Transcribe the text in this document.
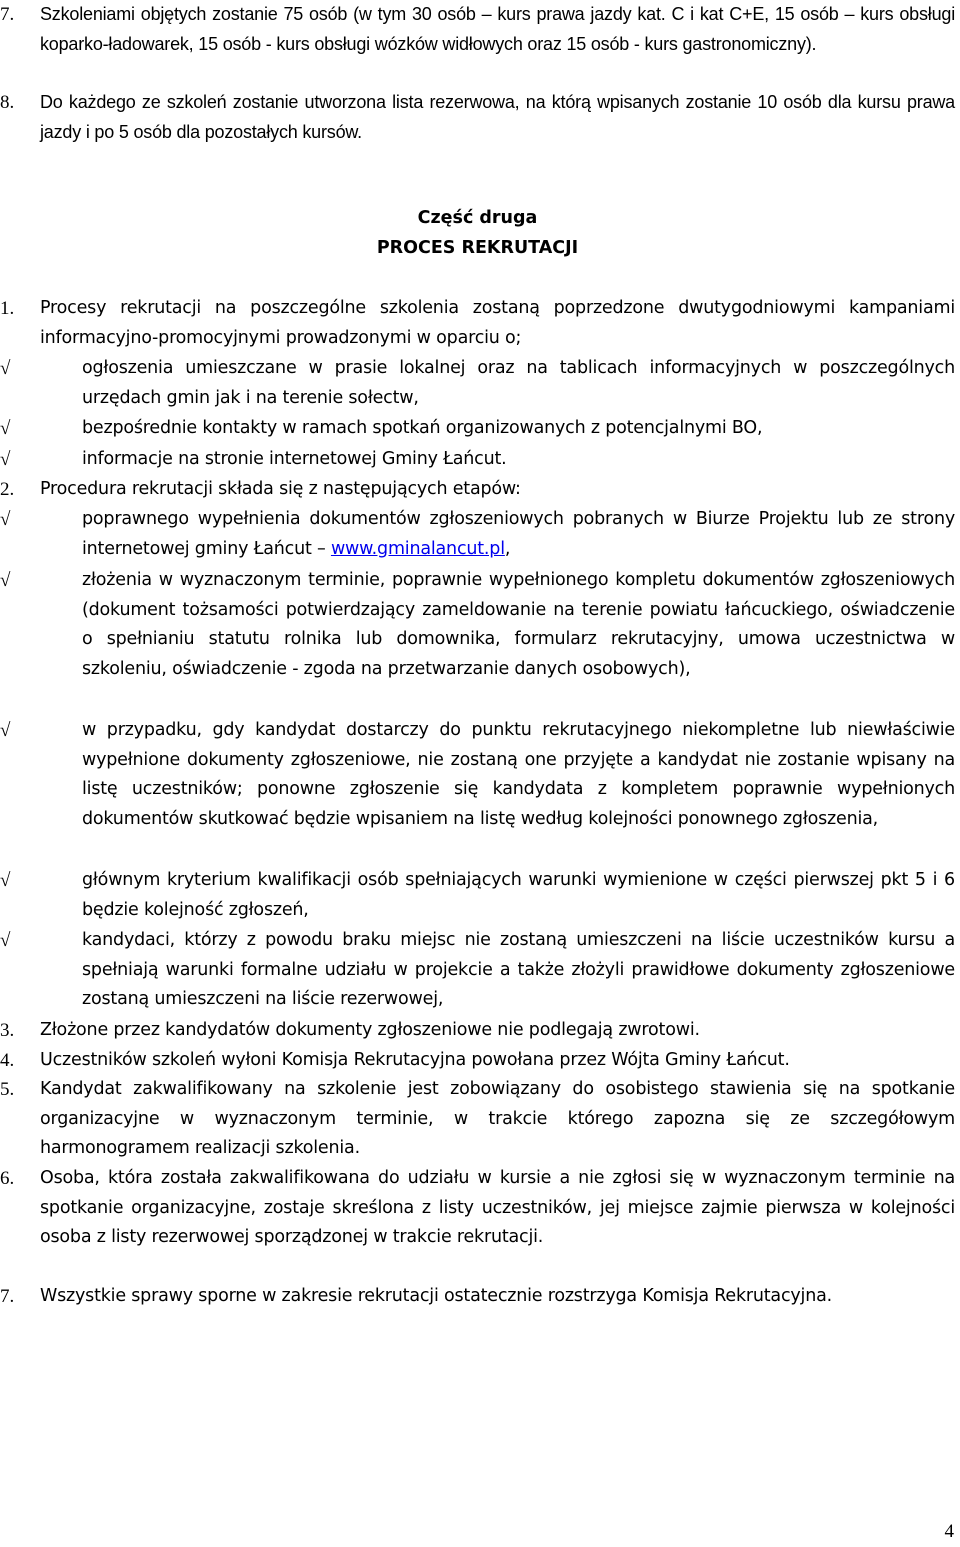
7. Szkoleniami objętych zostanie 75 osób (w tym 30 osób – kurs prawa jazdy kat. C i kat C+E, 15 osób – kurs obsługi koparko-ładowarek, 15 osób - kurs obsługi wózków widłowych oraz 15 osób - kurs gastronomiczny).
8. Do każdego ze szkoleń zostanie utworzona lista rezerwowa, na którą wpisanych zostanie 10 osób dla kursu prawa jazdy i po 5 osób dla pozostałych kursów.
Część druga
PROCES REKRUTACJI
1. Procesy rekrutacji na poszczególne szkolenia zostaną poprzedzone dwutygodniowymi kampaniami informacyjno-promocyjnymi prowadzonymi w oparciu o;
√	ogłoszenia umieszczane w prasie lokalnej oraz na tablicach informacyjnych w poszczególnych urzędach gmin jak i na terenie sołectw,
√	bezpośrednie kontakty w ramach spotkań organizowanych z potencjalnymi BO,
√	informacje na stronie internetowej Gminy Łańcut.
2. Procedura rekrutacji składa się z następujących etapów:
√	poprawnego wypełnienia dokumentów zgłoszeniowych pobranych w Biurze Projektu lub ze strony internetowej gminy Łańcut – www.gminalancut.pl,
√	złożenia w wyznaczonym terminie, poprawnie wypełnionego kompletu dokumentów zgłoszeniowych (dokument tożsamości potwierdzający zameldowanie na terenie powiatu łańcuckiego, oświadczenie o spełnianiu statutu rolnika lub domownika, formularz rekrutacyjny, umowa uczestnictwa w szkoleniu, oświadczenie - zgoda na przetwarzanie danych osobowych),
√	w przypadku, gdy kandydat dostarczy do punktu rekrutacyjnego niekompletne lub niewłaściwie wypełnione dokumenty zgłoszeniowe, nie zostaną one przyjęte a kandydat nie zostanie wpisany na listę uczestników; ponowne zgłoszenie się kandydata z kompletem poprawnie wypełnionych dokumentów skutkować będzie wpisaniem na listę według kolejności ponownego zgłoszenia,
√	głównym kryterium kwalifikacji osób spełniających warunki wymienione w części pierwszej pkt 5 i 6 będzie kolejność zgłoszeń,
√	kandydaci, którzy z powodu braku miejsc nie zostaną umieszczeni na liście uczestników kursu a spełniają warunki formalne udziału w projekcie a także złożyli prawidłowe dokumenty zgłoszeniowe zostaną umieszczeni na liście rezerwowej,
3. Złożone przez kandydatów dokumenty zgłoszeniowe nie podlegają zwrotowi.
4. Uczestników szkoleń wyłoni Komisja Rekrutacyjna powołana przez Wójta Gminy Łańcut.
5. Kandydat zakwalifikowany na szkolenie jest zobowiązany do osobistego stawienia się na spotkanie organizacyjne w wyznaczonym terminie, w trakcie którego zapozna się ze szczegółowym harmonogramem realizacji szkolenia.
6. Osoba, która została zakwalifikowana do udziału w kursie a nie zgłosi się w wyznaczonym terminie na spotkanie organizacyjne, zostaje skreślona z listy uczestników, jej miejsce zajmie pierwsza w kolejności osoba z listy rezerwowej sporządzonej w trakcie rekrutacji.
7. Wszystkie sprawy sporne w zakresie rekrutacji ostatecznie rozstrzyga Komisja Rekrutacyjna.
4
